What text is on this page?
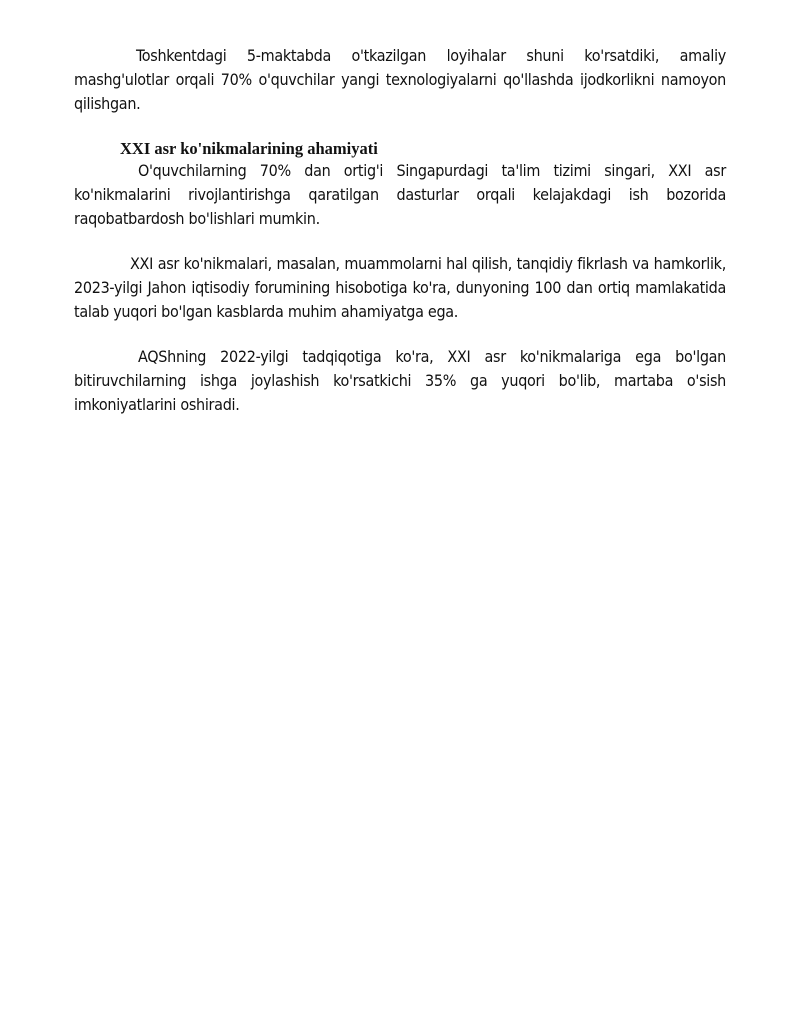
Toshkentdagi 5-maktabda o'tkazilgan loyihalar shuni ko'rsatdiki, amaliy mashg'ulotlar orqali 70% o'quvchilar yangi texnologiyalarni qo'llashda ijodkorlikni namoyon qilishgan.

XXI asr ko'nikmalarining ahamiyati

O'quvchilarning 70% dan ortig'i Singapurdagi ta'lim tizimi singari, XXI asr ko'nikmalarini rivojlantirishga qaratilgan dasturlar orqali kelajakdagi ish bozorida raqobatbardosh bo'lishlari mumkin.

XXI asr ko'nikmalari, masalan, muammolarni hal qilish, tanqidiy fikrlash va hamkorlik, 2023-yilgi Jahon iqtisodiy forumining hisobotiga ko'ra, dunyoning 100 dan ortiq mamlakatida talab yuqori bo'lgan kasblarda muhim ahamiyatga ega.

AQShning 2022-yilgi tadqiqotiga ko'ra, XXI asr ko'nikmalariga ega bo'lgan bitiruvchilarning ishga joylashish ko'rsatkichi 35% ga yuqori bo'lib, martaba o'sish imkoniyatlarini oshiradi.
